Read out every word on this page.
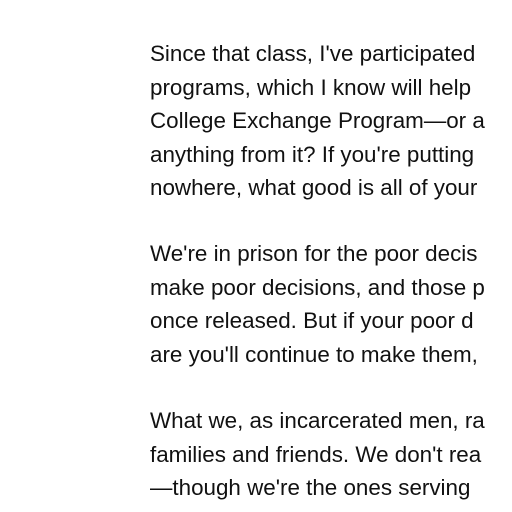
Since that class, I've participated
programs, which I know will help
College Exchange Program—or a
anything from it? If you're putting
nowhere, what good is all of your
We're in prison for the poor decis
make poor decisions, and those p
once released. But if your poor d
are you'll continue to make them,
What we, as incarcerated men, ra
families and friends. We don't rea
—though we're the ones serving
